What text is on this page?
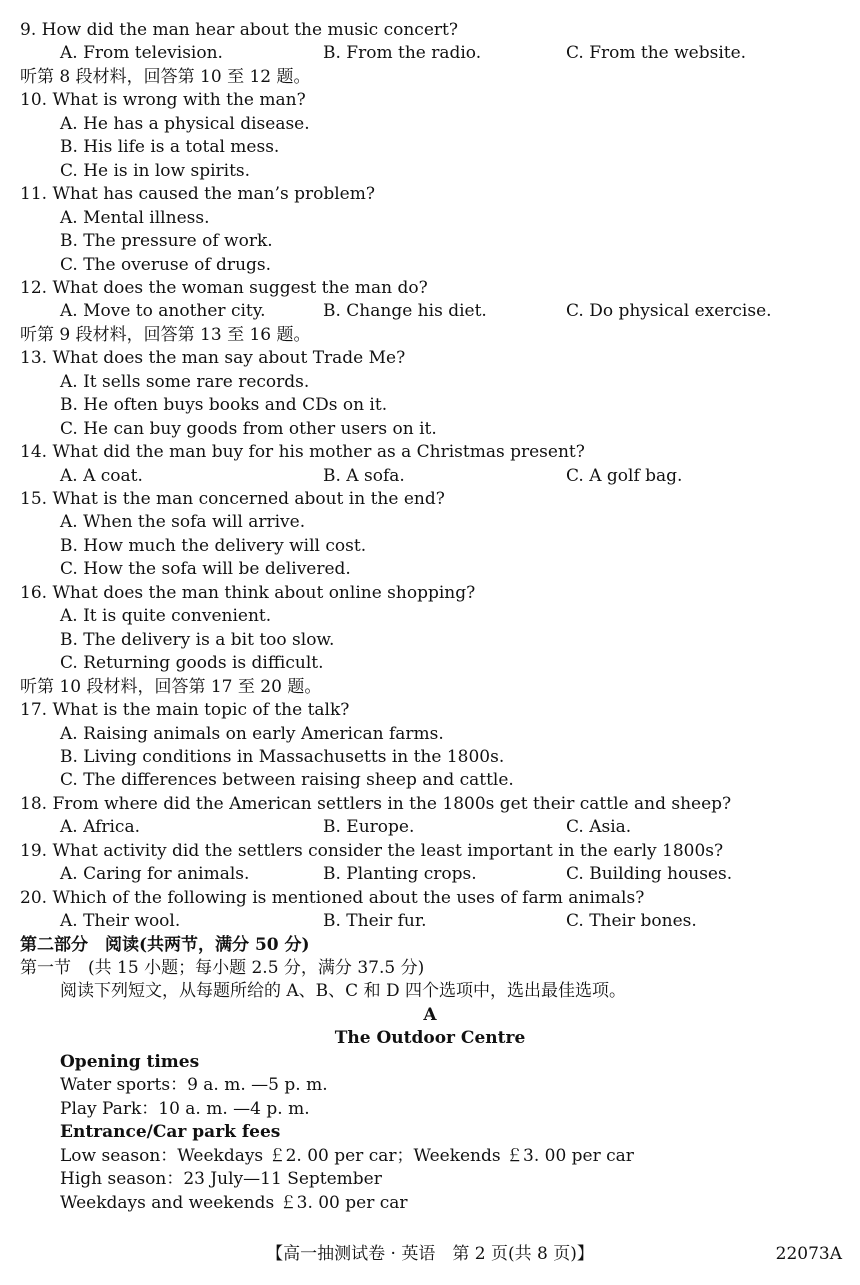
9. How did the man hear about the music concert?
A. From television.	B. From the radio.	C. From the website.
听第 8 段材料，回答第 10 至 12 题。
10. What is wrong with the man?
A. He has a physical disease.
B. His life is a total mess.
C. He is in low spirits.
11. What has caused the man’s problem?
A. Mental illness.
B. The pressure of work.
C. The overuse of drugs.
12. What does the woman suggest the man do?
A. Move to another city.	B. Change his diet.	C. Do physical exercise.
听第 9 段材料，回答第 13 至 16 题。
13. What does the man say about Trade Me?
A. It sells some rare records.
B. He often buys books and CDs on it.
C. He can buy goods from other users on it.
14. What did the man buy for his mother as a Christmas present?
A. A coat.	B. A sofa.	C. A golf bag.
15. What is the man concerned about in the end?
A. When the sofa will arrive.
B. How much the delivery will cost.
C. How the sofa will be delivered.
16. What does the man think about online shopping?
A. It is quite convenient.
B. The delivery is a bit too slow.
C. Returning goods is difficult.
听第 10 段材料，回答第 17 至 20 题。
17. What is the main topic of the talk?
A. Raising animals on early American farms.
B. Living conditions in Massachusetts in the 1800s.
C. The differences between raising sheep and cattle.
18. From where did the American settlers in the 1800s get their cattle and sheep?
A. Africa.	B. Europe.	C. Asia.
19. What activity did the settlers consider the least important in the early 1800s?
A. Caring for animals.	B. Planting crops.	C. Building houses.
20. Which of the following is mentioned about the uses of farm animals?
A. Their wool.	B. Their fur.	C. Their bones.
第二部分　阅读(共两节，满分 50 分)
第一节　(共 15 小题；每小题 2.5 分，满分 37.5 分)
阅读下列短文，从每题所给的 A、B、C 和 D 四个选项中，选出最佳选项。
A
The Outdoor Centre
Opening times
Water sports：9 a. m. —5 p. m.
Play Park：10 a. m. —4 p. m.
Entrance/Car park fees
Low season：Weekdays ￡2. 00 per car；Weekends ￡3. 00 per car
High season：23 July—11 September
Weekdays and weekends ￡3. 00 per car
【高一抽测试卷 · 英语　第 2 页(共 8 页)】	22073A
